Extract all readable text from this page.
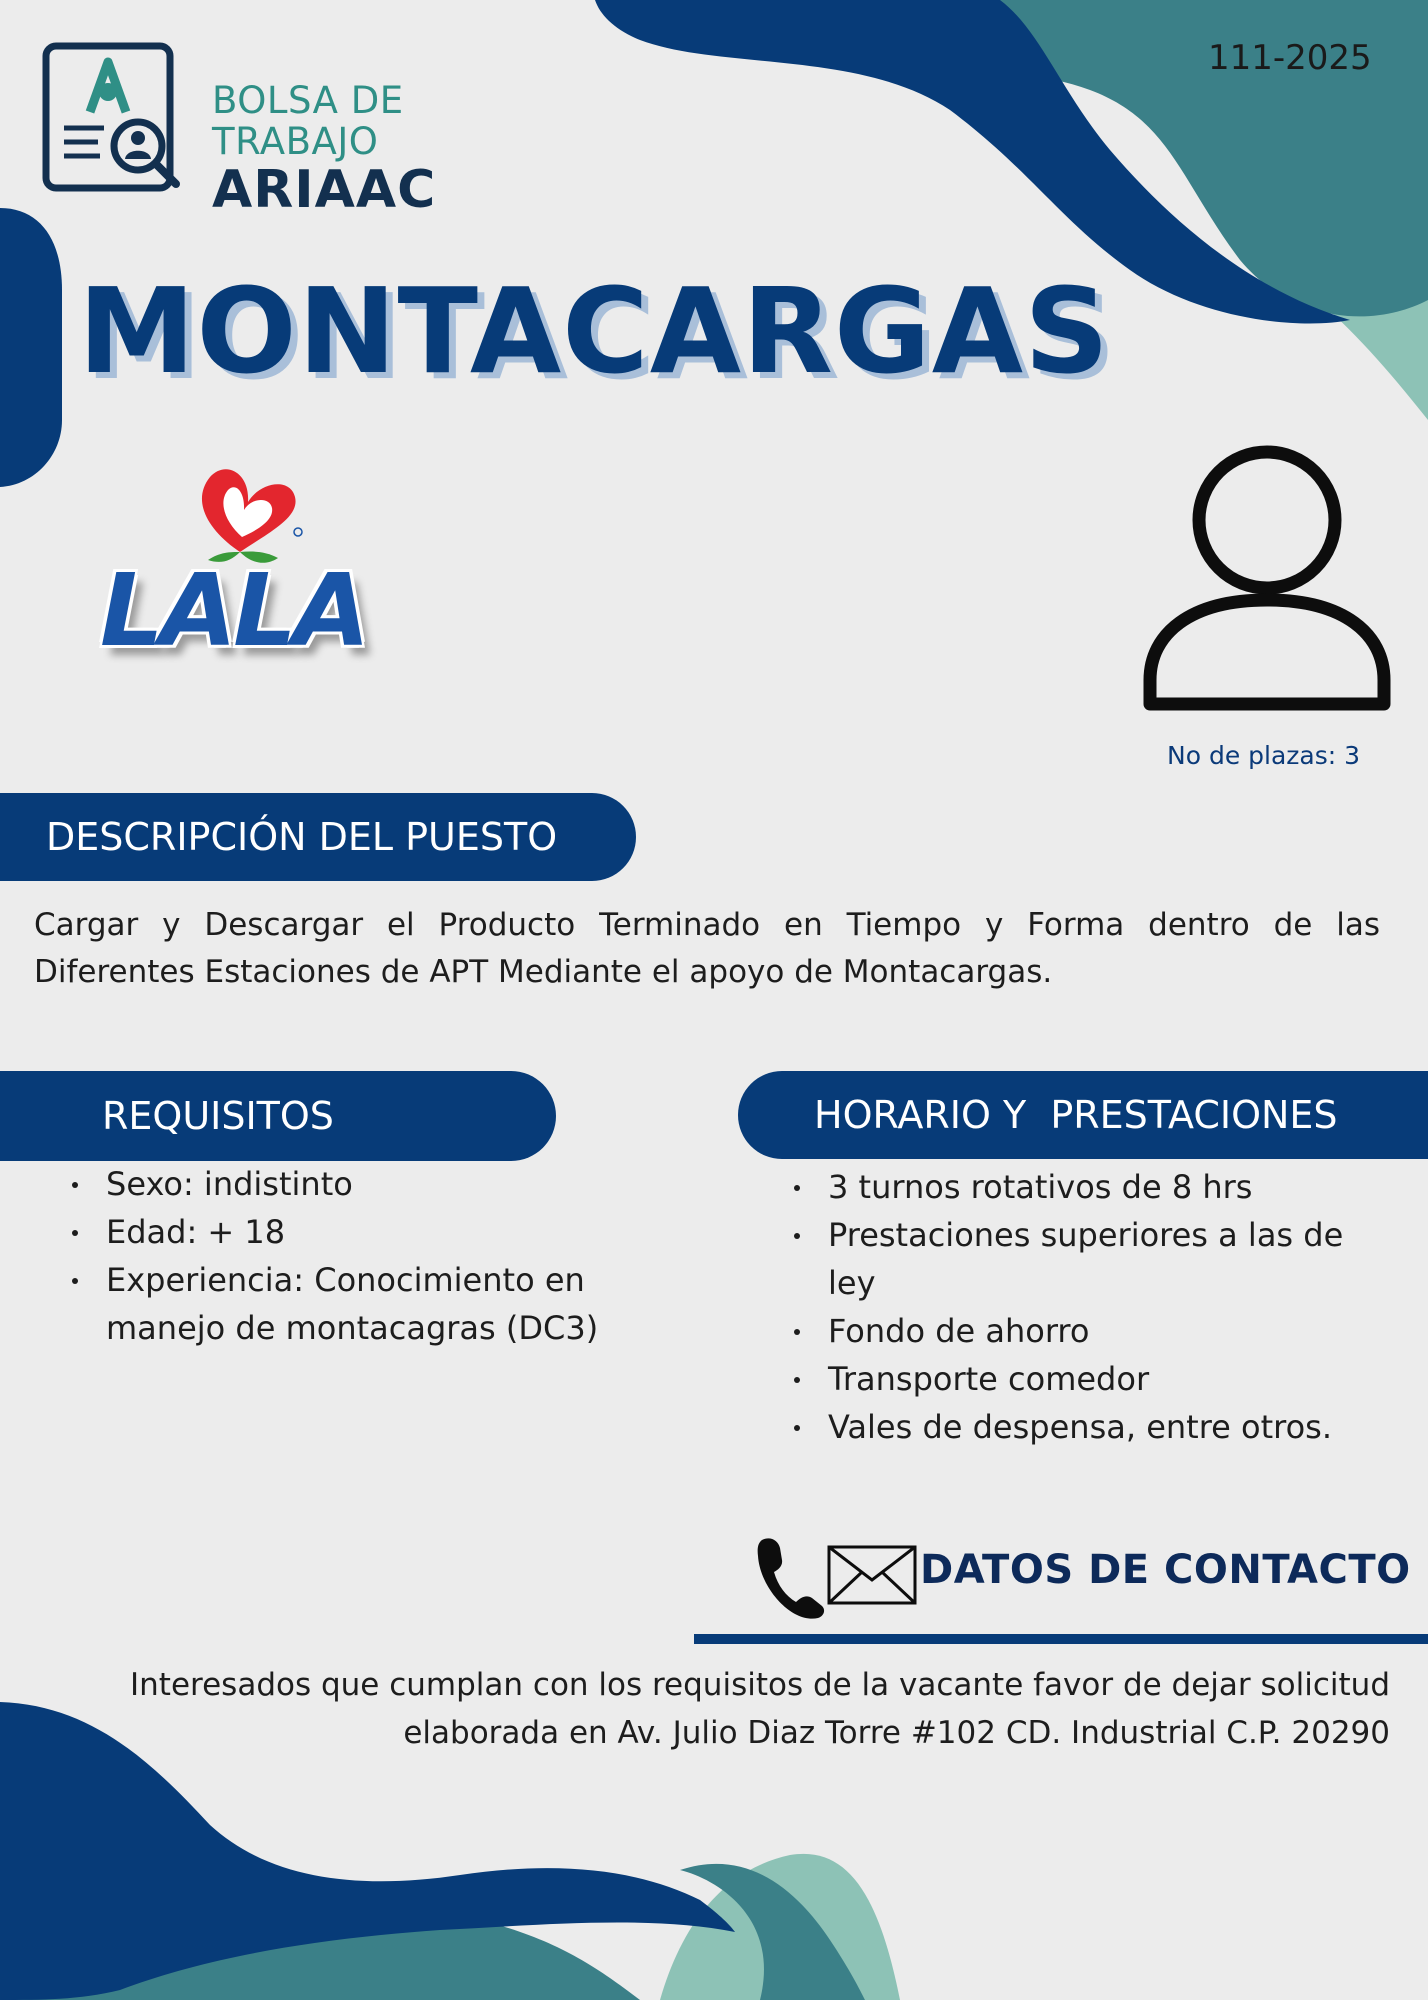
BOLSA DE
TRABAJO
ARIAAC
111-2025
MONTACARGAS
LALA
No de plazas: 3
DESCRIPCIÓN DEL PUESTO

Cargar y Descargar el Producto Terminado en Tiempo y Forma dentro de las Diferentes Estaciones de APT Mediante el apoyo de Montacargas.

REQUISITOS
Sexo: indistinto
Edad: + 18
Experiencia: Conocimiento en manejo de montacagras (DC3)
HORARIO Y  PRESTACIONES
3 turnos rotativos de 8 hrs
Prestaciones superiores a las de ley
Fondo de ahorro
Transporte comedor
Vales de despensa, entre otros.
DATOS DE CONTACTO

Interesados que cumplan con los requisitos de la vacante favor de dejar solicitud elaborada en Av. Julio Diaz Torre #102 CD. Industrial C.P. 20290
